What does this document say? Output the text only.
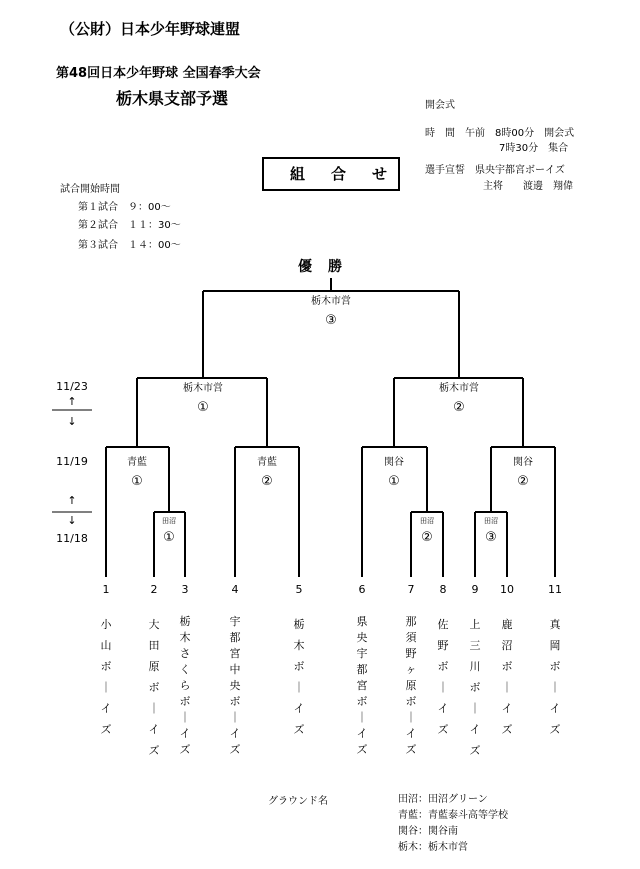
（公財）日本少年野球連盟
第48回日本少年野球 全国春季大会
栃木県支部予選	開会式
時　間　午前　8時00分　開会式
7時30分　集合
選手宣誓　県央宇都宮ボーイズ
主将　　渡邊　翔偉
組合せ
試合開始時間
第１試合　９：00～
第２試合　１１：30～
第３試合　１４：00～
優勝
栃木市営
③
栃木市営
①
栃木市営
②
青藍
①
青藍
②
関谷
①
関谷
②
田沼
①
田沼
②
田沼
③
11/23
↑
↓
11/19
↑
↓
11/18
1
小
山
ボ
｜
イ
ズ
2
大
田
原
ボ
｜
イ
ズ
3
栃
木
さ
く
ら
ボ
｜
イ
ズ
4
宇
都
宮
中
央
ボ
｜
イ
ズ
5
栃
木
ボ
｜
イ
ズ
6
県
央
宇
都
宮
ボ
｜
イ
ズ
7
那
須
野
ヶ
原
ボ
｜
イ
ズ
8
佐
野
ボ
｜
イ
ズ
9
上
三
川
ボ
｜
イ
ズ
10
鹿
沼
ボ
｜
イ
ズ
11
真
岡
ボ
｜
イ
ズ
グラウンド名	田沼：田沼グリーン
青藍：青藍泰斗高等学校
関谷：関谷南
栃木：栃木市営
